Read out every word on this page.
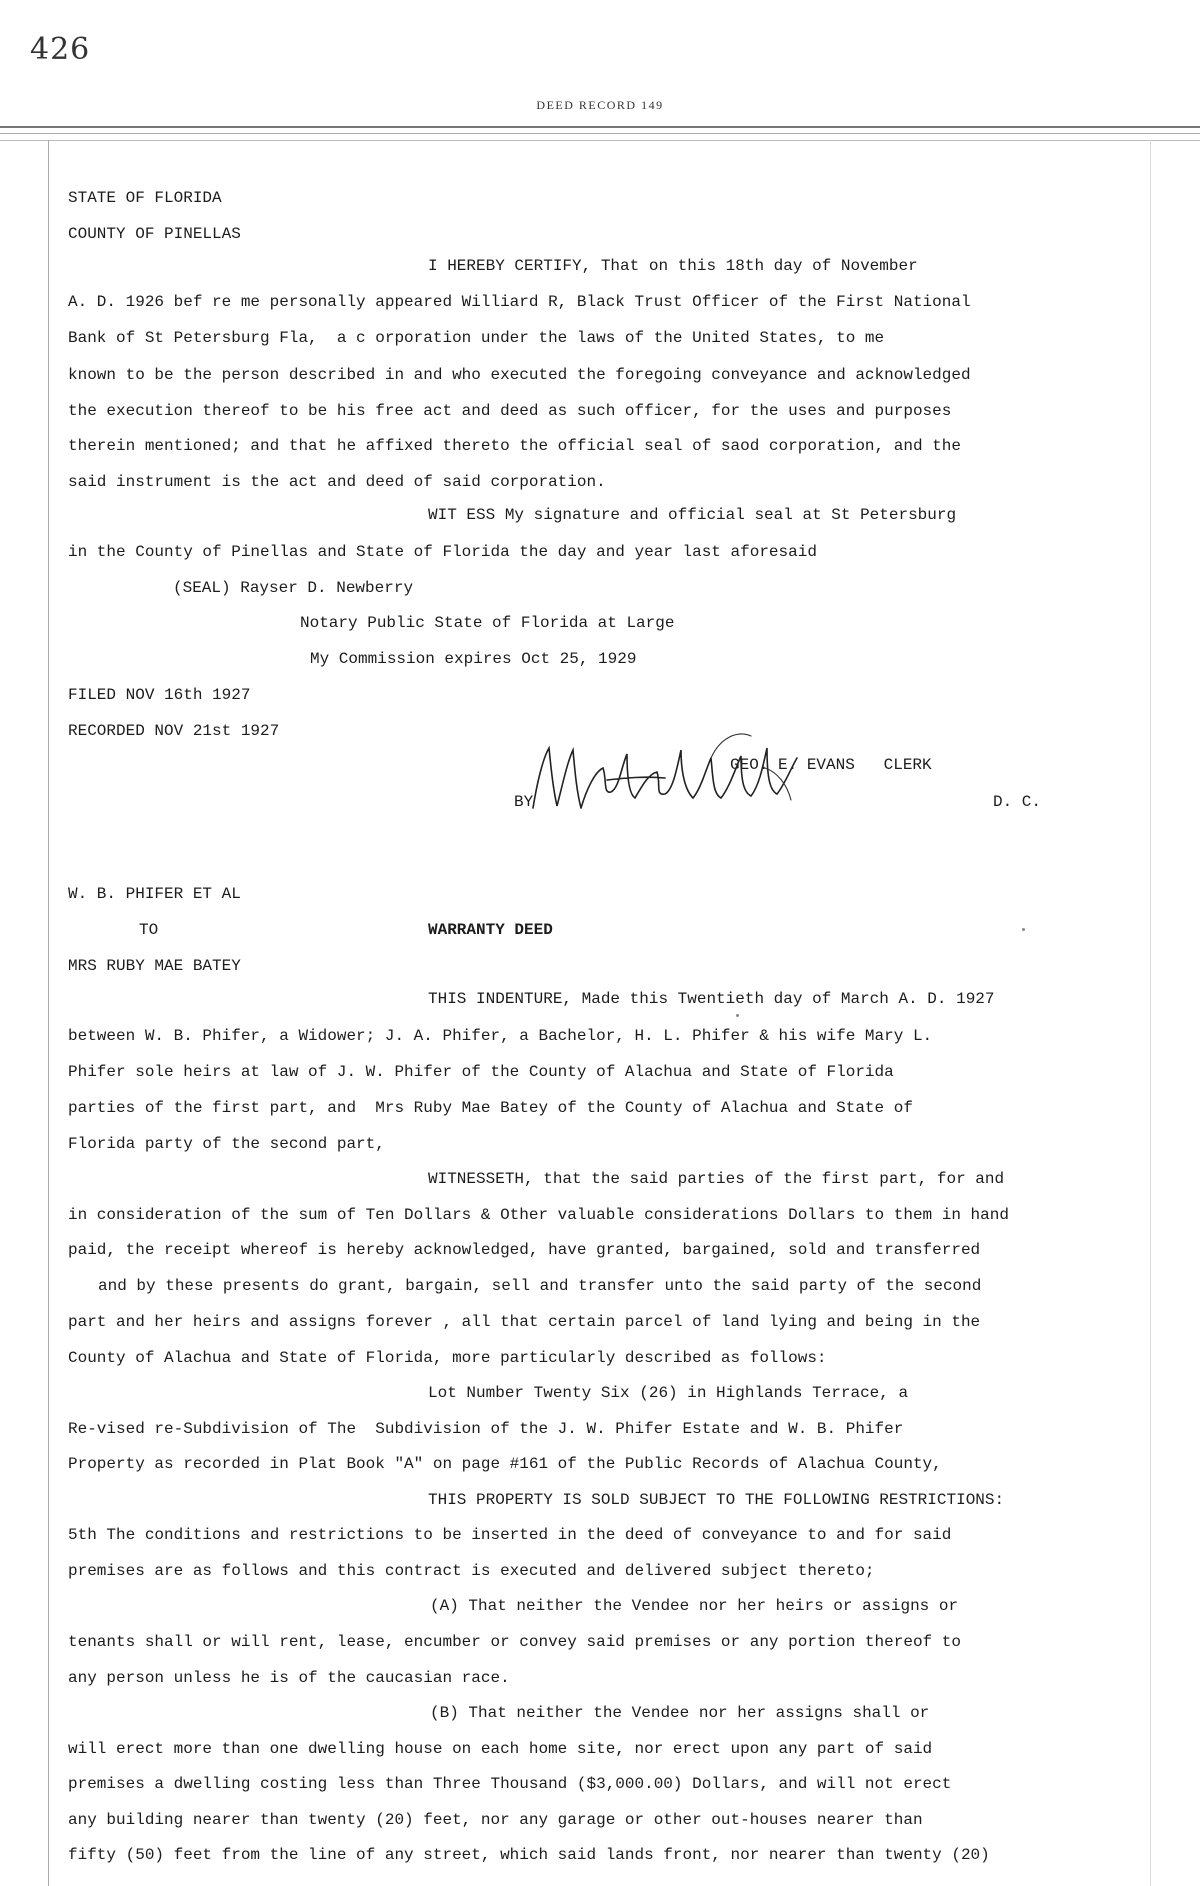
426
DEED RECORD 149
STATE OF FLORIDA
COUNTY OF PINELLAS
I HEREBY CERTIFY, That on this 18th day of November
A. D. 1926 bef re me personally appeared Williard R, Black Trust Officer of the First National
Bank of St Petersburg Fla,  a c orporation under the laws of the United States, to me
known to be the person described in and who executed the foregoing conveyance and acknowledged
the execution thereof to be his free act and deed as such officer, for the uses and purposes
therein mentioned; and that he affixed thereto the official seal of saod corporation, and the
said instrument is the act and deed of said corporation.
WIT ESS My signature and official seal at St Petersburg
in the County of Pinellas and State of Florida the day and year last aforesaid
(SEAL) Rayser D. Newberry
Notary Public State of Florida at Large
My Commission expires Oct 25, 1929
FILED NOV 16th 1927
RECORDED NOV 21st 1927
GEO. E. EVANS   CLERK
BY	D. C.
W. B. PHIFER ET AL
TO	WARRANTY DEED
MRS RUBY MAE BATEY
THIS INDENTURE, Made this Twentieth day of March A. D. 1927
between W. B. Phifer, a Widower; J. A. Phifer, a Bachelor, H. L. Phifer & his wife Mary L.
Phifer sole heirs at law of J. W. Phifer of the County of Alachua and State of Florida
parties of the first part, and  Mrs Ruby Mae Batey of the County of Alachua and State of
Florida party of the second part,
WITNESSETH, that the said parties of the first part, for and
in consideration of the sum of Ten Dollars & Other valuable considerations Dollars to them in hand
paid, the receipt whereof is hereby acknowledged, have granted, bargained, sold and transferred
and by these presents do grant, bargain, sell and transfer unto the said party of the second
part and her heirs and assigns forever , all that certain parcel of land lying and being in the
County of Alachua and State of Florida, more particularly described as follows:
Lot Number Twenty Six (26) in Highlands Terrace, a
Re-vised re-Subdivision of The  Subdivision of the J. W. Phifer Estate and W. B. Phifer
Property as recorded in Plat Book "A" on page #161 of the Public Records of Alachua County,
THIS PROPERTY IS SOLD SUBJECT TO THE FOLLOWING RESTRICTIONS:
5th The conditions and restrictions to be inserted in the deed of conveyance to and for said
premises are as follows and this contract is executed and delivered subject thereto;
(A) That neither the Vendee nor her heirs or assigns or
tenants shall or will rent, lease, encumber or convey said premises or any portion thereof to
any person unless he is of the caucasian race.
(B) That neither the Vendee nor her assigns shall or
will erect more than one dwelling house on each home site, nor erect upon any part of said
premises a dwelling costing less than Three Thousand ($3,000.00) Dollars, and will not erect
any building nearer than twenty (20) feet, nor any garage or other out-houses nearer than
fifty (50) feet from the line of any street, which said lands front, nor nearer than twenty (20)
